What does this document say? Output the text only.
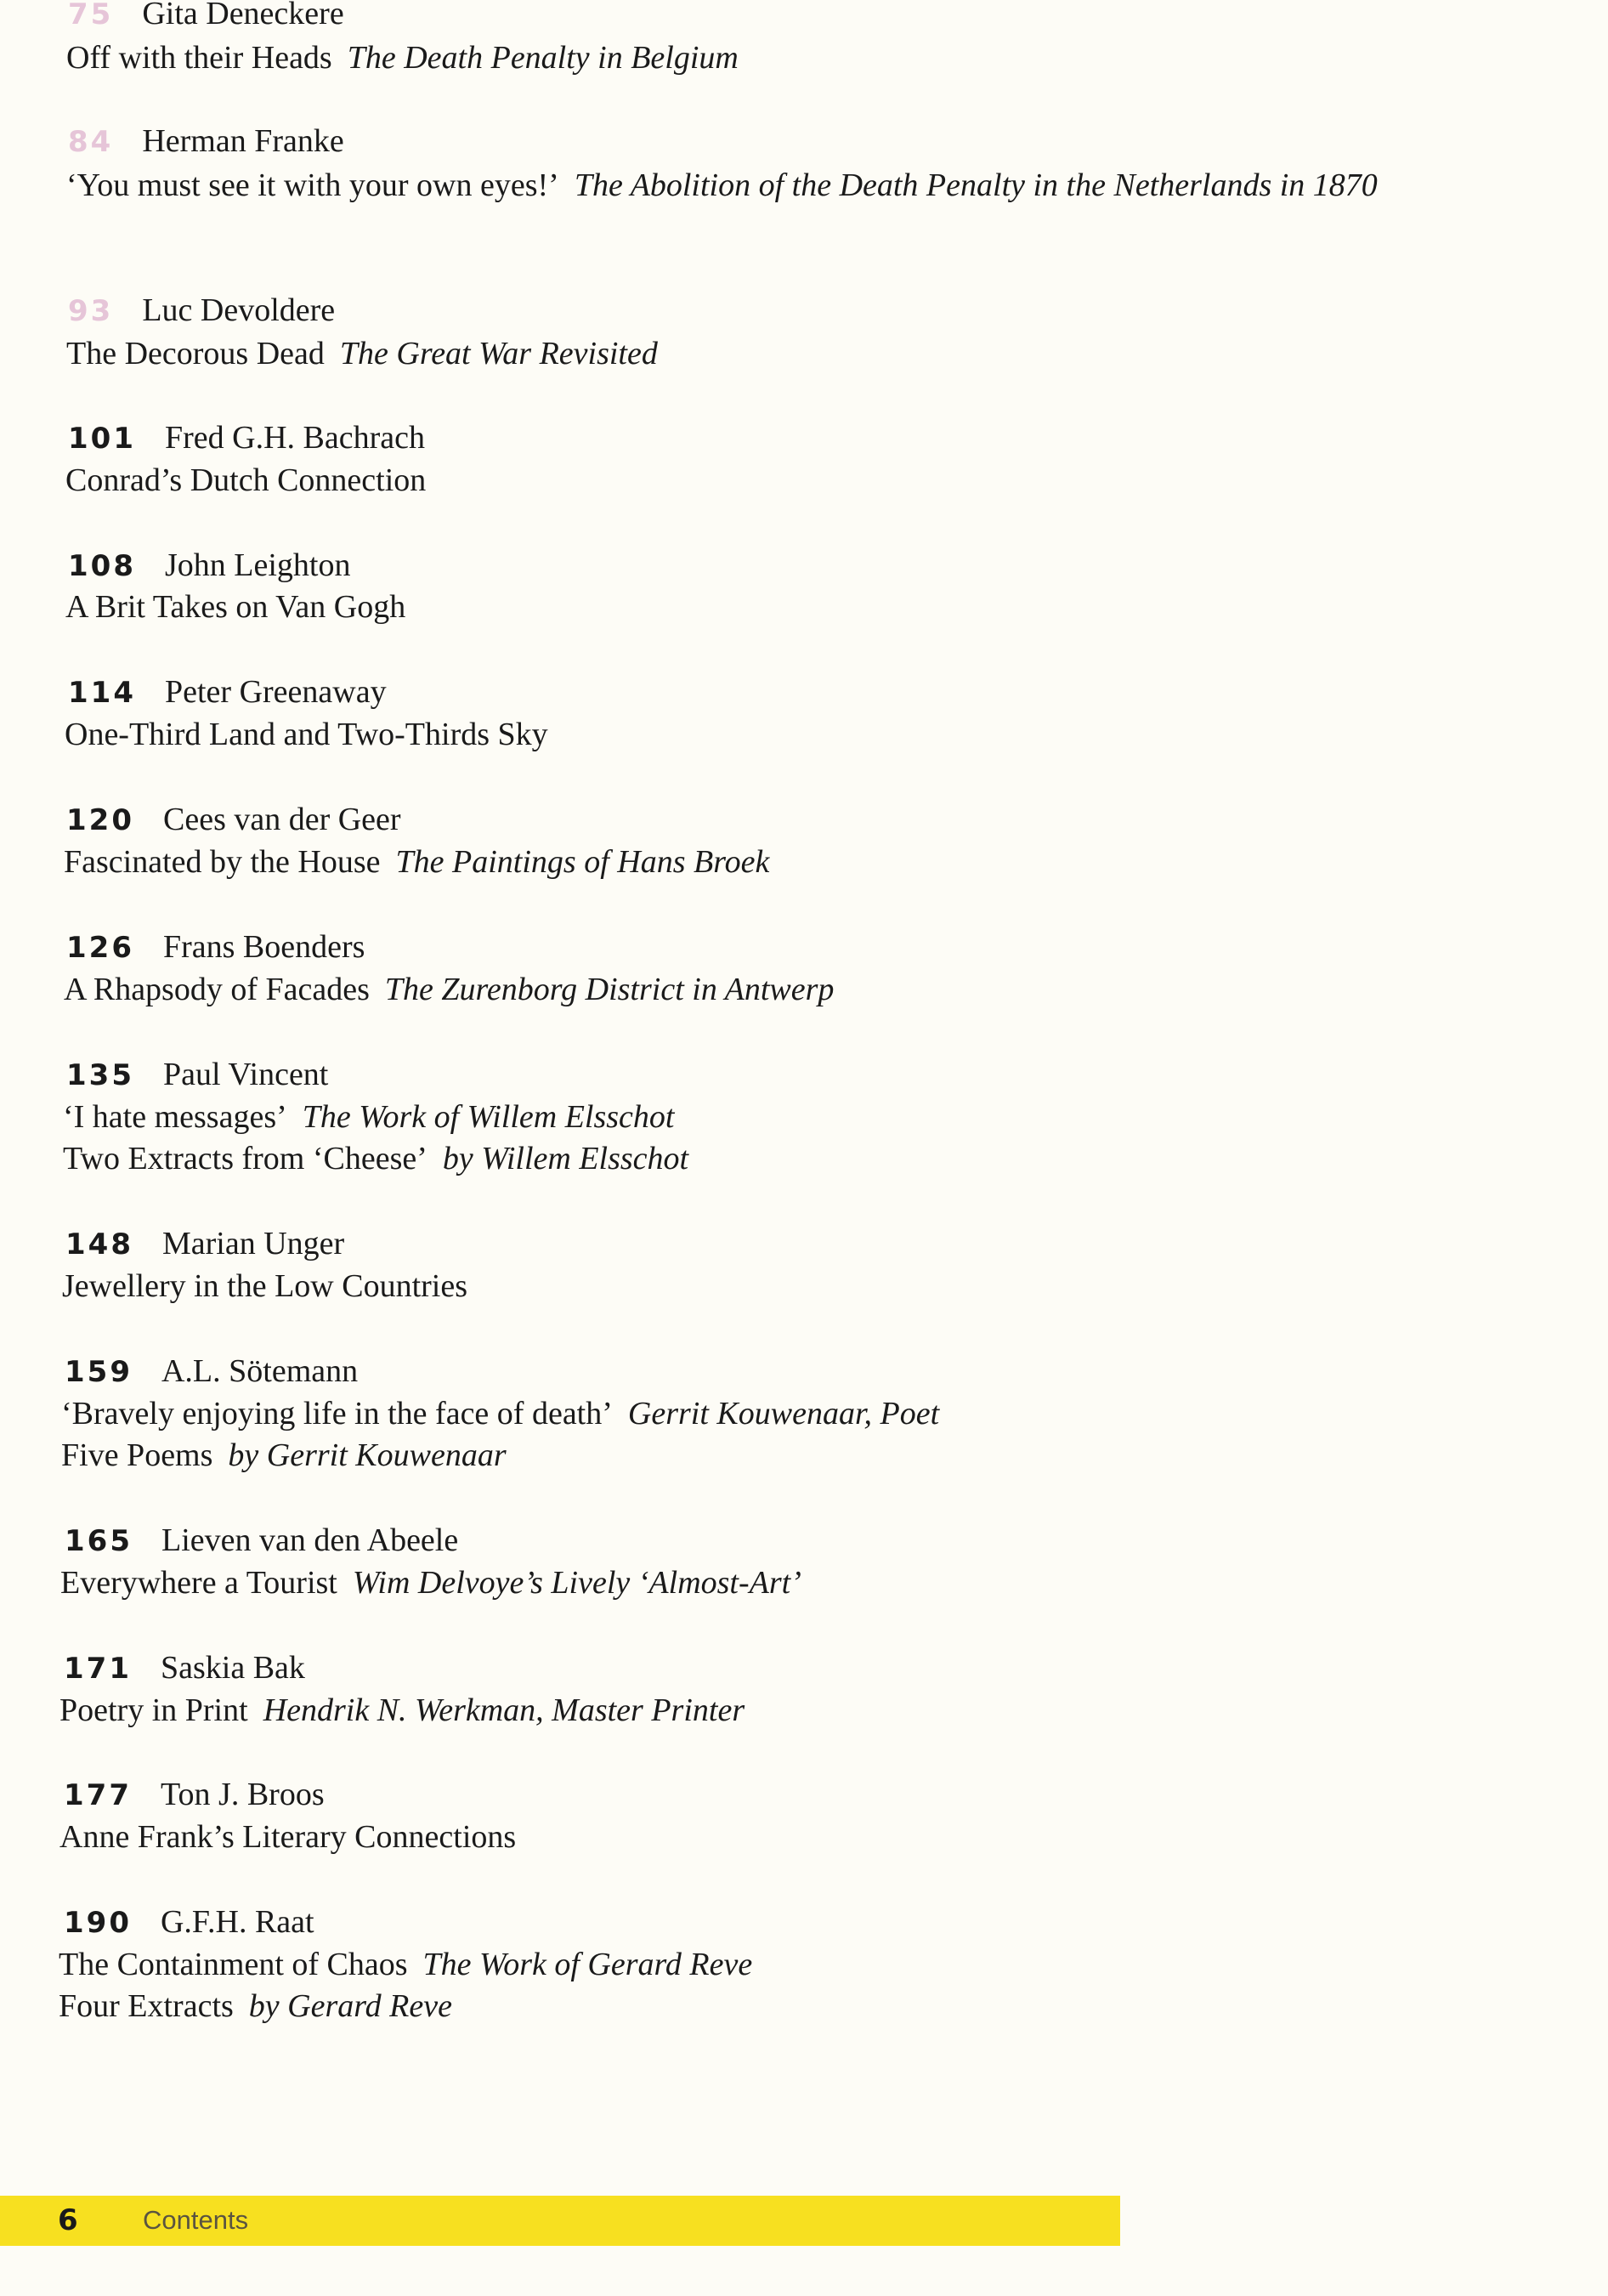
75 Gita Deneckere
Off with their Heads The Death Penalty in Belgium
84 Herman Franke
‘You must see it with your own eyes!’ The Abolition of the Death Penalty in the Netherlands in 1870
93 Luc Devoldere
The Decorous Dead The Great War Revisited
101 Fred G.H. Bachrach
Conrad’s Dutch Connection
108 John Leighton
A Brit Takes on Van Gogh
114 Peter Greenaway
One-Third Land and Two-Thirds Sky
120 Cees van der Geer
Fascinated by the House The Paintings of Hans Broek
126 Frans Boenders
A Rhapsody of Facades The Zurenborg District in Antwerp
135 Paul Vincent
‘I hate messages’ The Work of Willem Elsschot
Two Extracts from ‘Cheese’ by Willem Elsschot
148 Marian Unger
Jewellery in the Low Countries
159 A.L. Sötemann
‘Bravely enjoying life in the face of death’ Gerrit Kouwenaar, Poet
Five Poems by Gerrit Kouwenaar
165 Lieven van den Abeele
Everywhere a Tourist Wim Delvoye’s Lively ‘Almost-Art’
171 Saskia Bak
Poetry in Print Hendrik N. Werkman, Master Printer
177 Ton J. Broos
Anne Frank’s Literary Connections
190 G.F.H. Raat
The Containment of Chaos The Work of Gerard Reve
Four Extracts by Gerard Reve
6 Contents
